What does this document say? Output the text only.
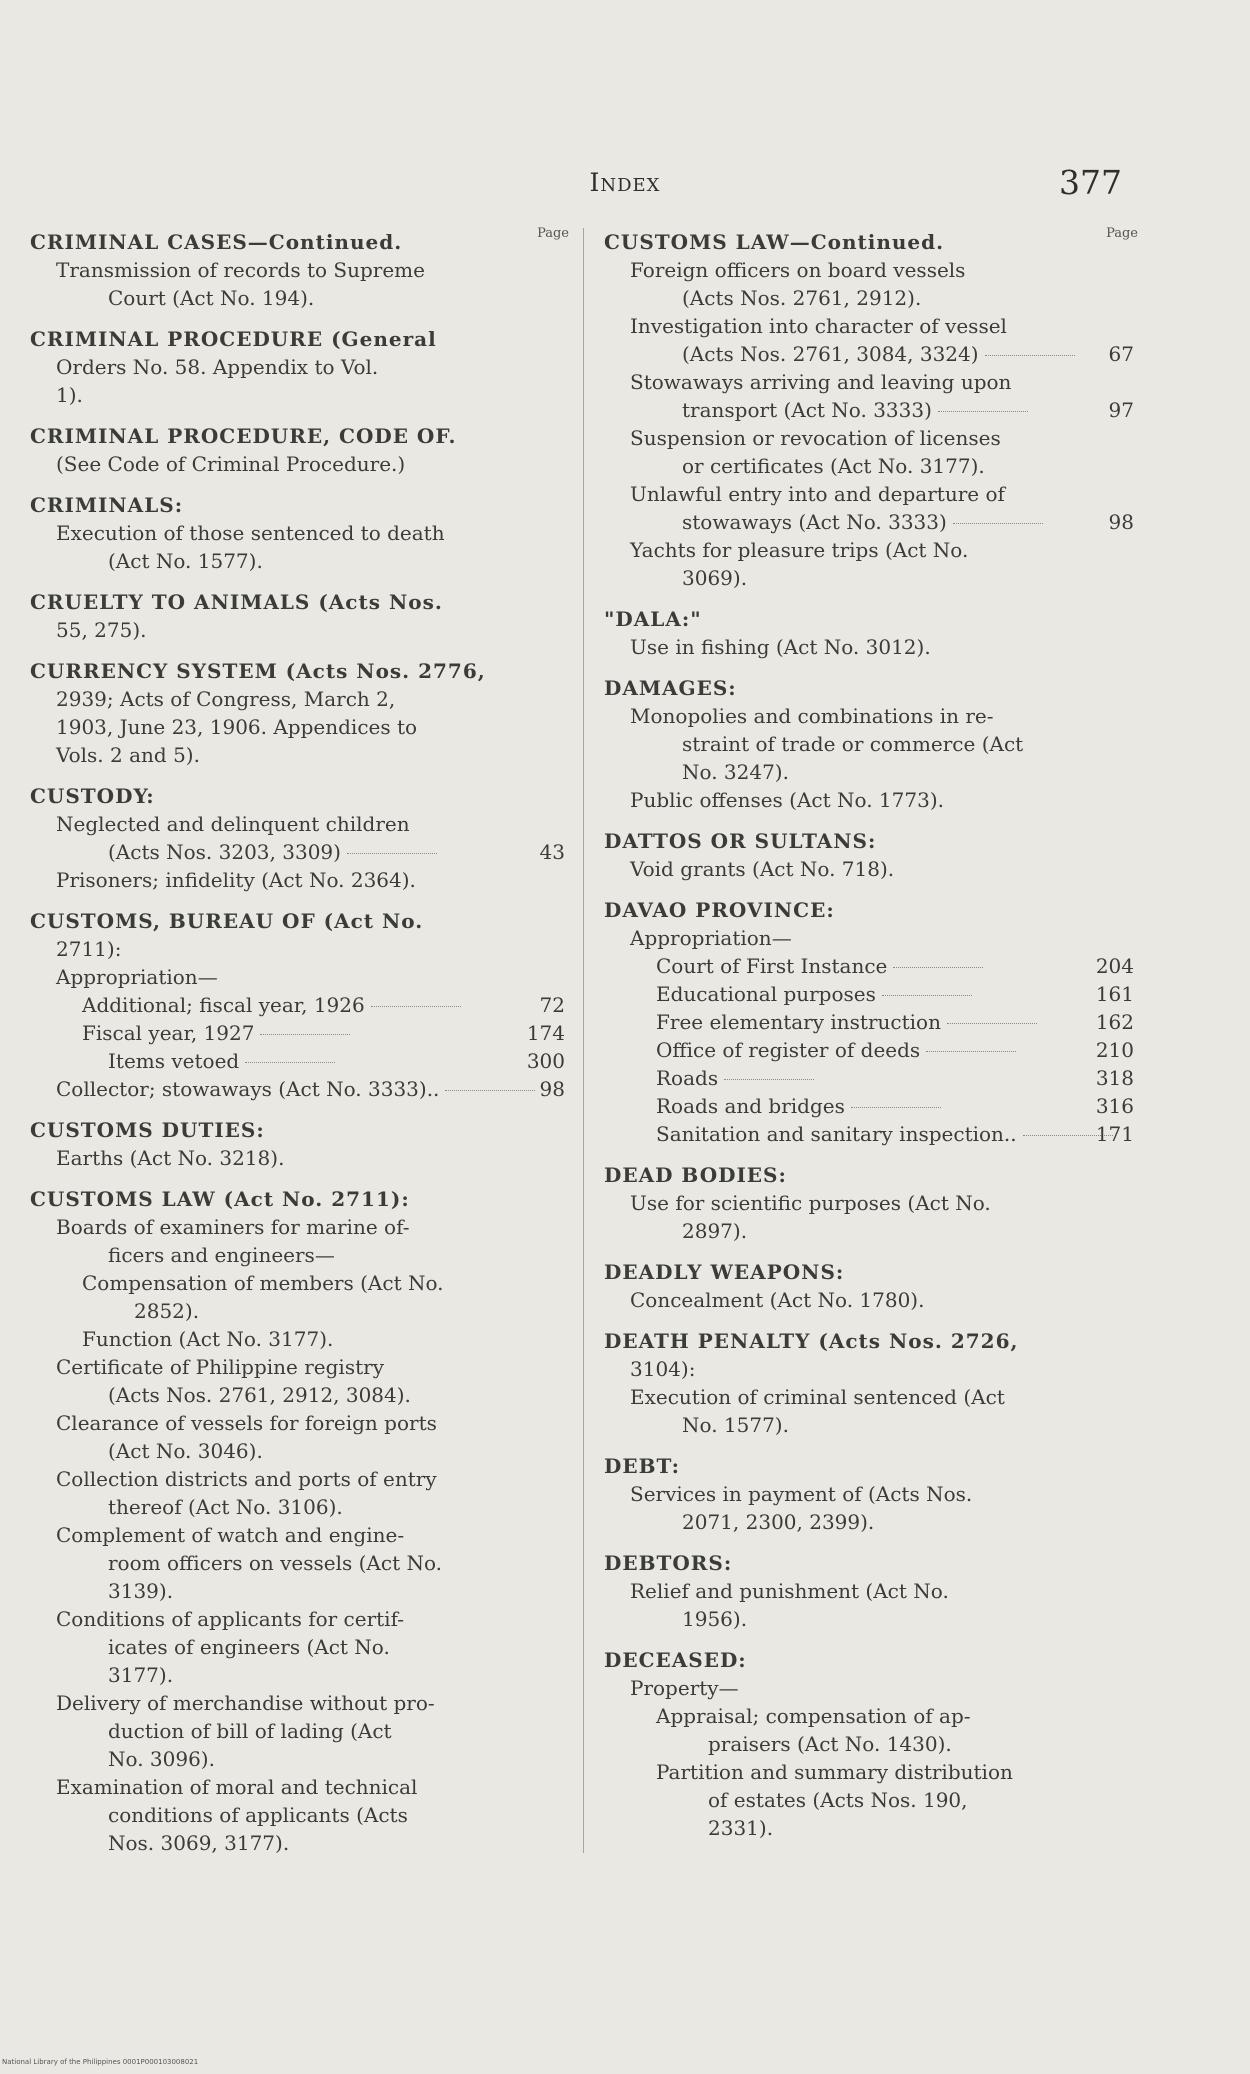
Index	377
Page
CRIMINAL CASES—Continued.
Transmission of records to Supreme
Court (Act No. 194).
CRIMINAL PROCEDURE (General
Orders No. 58. Appendix to Vol.
1).
CRIMINAL PROCEDURE, CODE OF.
(See Code of Criminal Procedure.)
CRIMINALS:
Execution of those sentenced to death
(Act No. 1577).
CRUELTY TO ANIMALS (Acts Nos.
55, 275).
CURRENCY SYSTEM (Acts Nos. 2776,
2939; Acts of Congress, March 2,
1903, June 23, 1906. Appendices to
Vols. 2 and 5).
CUSTODY:
Neglected and delinquent children
(Acts Nos. 3203, 3309)	43
Prisoners; infidelity (Act No. 2364).
CUSTOMS, BUREAU OF (Act No.
2711):
Appropriation—
Additional; fiscal year, 1926	72
Fiscal year, 1927	174
Items vetoed	300
Collector; stowaways (Act No. 3333)..	98
CUSTOMS DUTIES:
Earths (Act No. 3218).
CUSTOMS LAW (Act No. 2711):
Boards of examiners for marine of-
ficers and engineers—
Compensation of members (Act No.
2852).
Function (Act No. 3177).
Certificate of Philippine registry
(Acts Nos. 2761, 2912, 3084).
Clearance of vessels for foreign ports
(Act No. 3046).
Collection districts and ports of entry
thereof (Act No. 3106).
Complement of watch and engine-
room officers on vessels (Act No.
3139).
Conditions of applicants for certif-
icates of engineers (Act No.
3177).
Delivery of merchandise without pro-
duction of bill of lading (Act
No. 3096).
Examination of moral and technical
conditions of applicants (Acts
Nos. 3069, 3177).
Page
CUSTOMS LAW—Continued.
Foreign officers on board vessels
(Acts Nos. 2761, 2912).
Investigation into character of vessel
(Acts Nos. 2761, 3084, 3324)	67
Stowaways arriving and leaving upon
transport (Act No. 3333)	97
Suspension or revocation of licenses
or certificates (Act No. 3177).
Unlawful entry into and departure of
stowaways (Act No. 3333)	98
Yachts for pleasure trips (Act No.
3069).
"DALA:"
Use in fishing (Act No. 3012).
DAMAGES:
Monopolies and combinations in re-
straint of trade or commerce (Act
No. 3247).
Public offenses (Act No. 1773).
DATTOS OR SULTANS:
Void grants (Act No. 718).
DAVAO PROVINCE:
Appropriation—
Court of First Instance	204
Educational purposes	161
Free elementary instruction	162
Office of register of deeds	210
Roads	318
Roads and bridges	316
Sanitation and sanitary inspection..	171
DEAD BODIES:
Use for scientific purposes (Act No.
2897).
DEADLY WEAPONS:
Concealment (Act No. 1780).
DEATH PENALTY (Acts Nos. 2726,
3104):
Execution of criminal sentenced (Act
No. 1577).
DEBT:
Services in payment of (Acts Nos.
2071, 2300, 2399).
DEBTORS:
Relief and punishment (Act No.
1956).
DECEASED:
Property—
Appraisal; compensation of ap-
praisers (Act No. 1430).
Partition and summary distribution
of estates (Acts Nos. 190,
2331).
National Library of the Philippines 0001P000103008021
